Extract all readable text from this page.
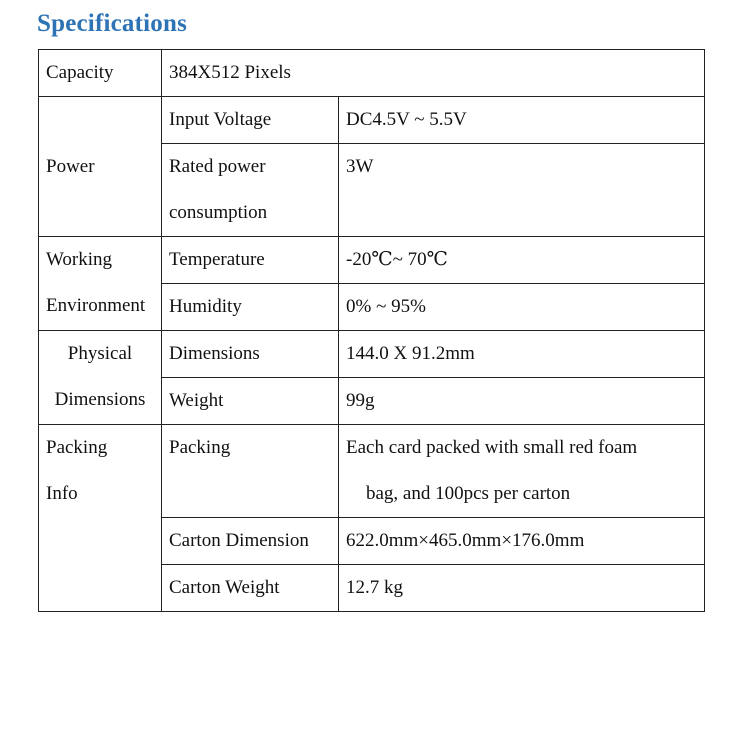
Specifications
Capacity	384X512 Pixels	
Power	Input Voltage	DC4.5V ~ 5.5V

	Rated power
consumption	3W

Working
Environment	Temperature	-20℃~ 70℃
	Humidity	0% ~ 95%

Physical
Dimensions	Dimensions	144.0 X 91.2mm
	Weight	99g

Packing
Info	Packing	Each card packed with small red foam
bag, and 100pcs per carton

	Carton Dimension	622.0mm×465.0mm×176.0mm
	Carton Weight	12.7 kg
